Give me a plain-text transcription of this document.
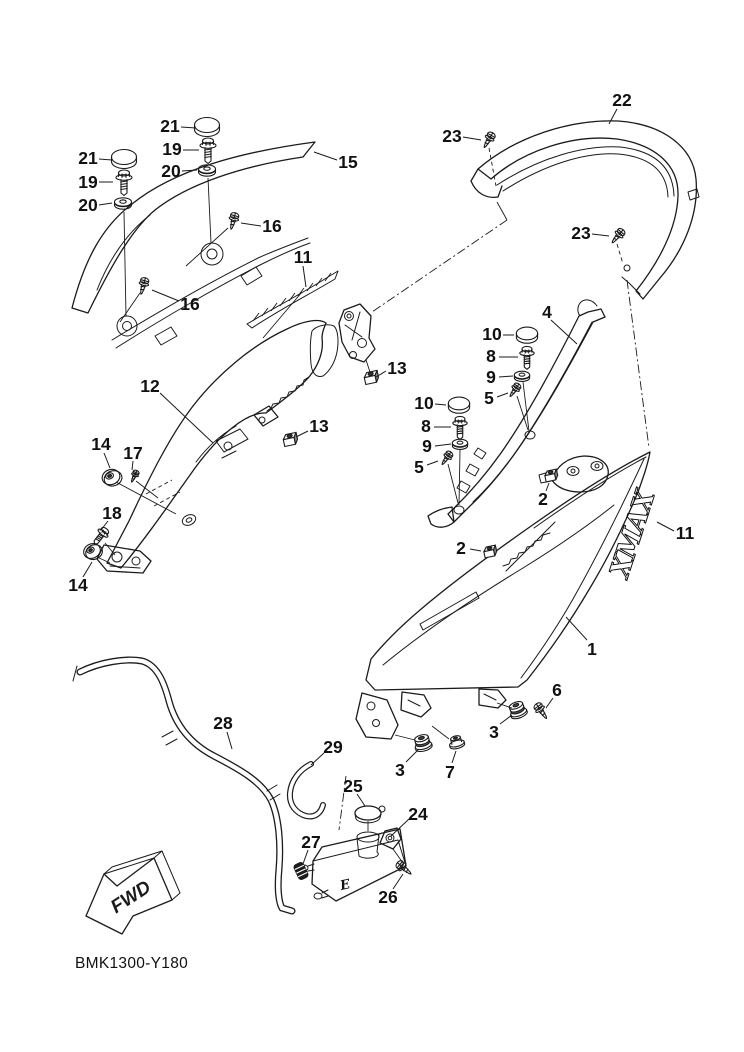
XMAX
E
FWD
BMK1300-Y180
21
19
20
21
19
20
15
16
16
11
22
23
23
4
10
8
9
5
10
8
9
5
2
2
11
1
6
3
3 7
12
13
13
14 17
18
14
28
29
25
24
27
26
